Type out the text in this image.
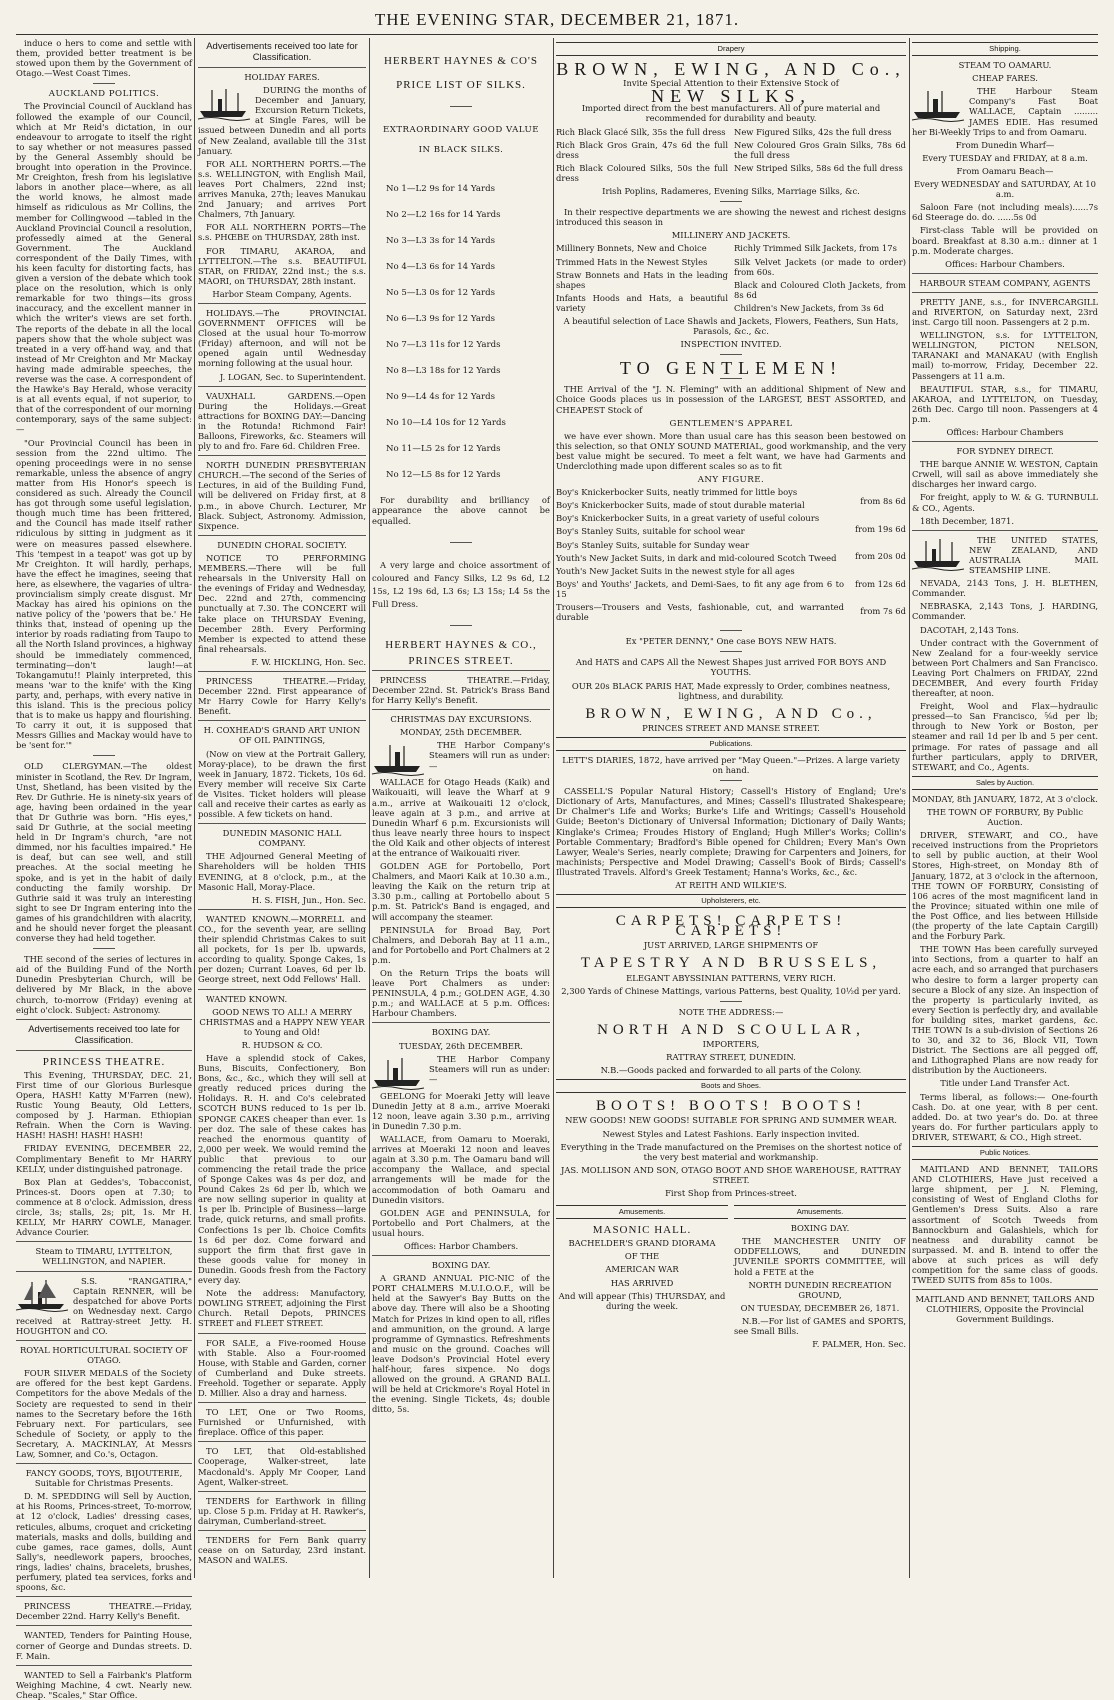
THE EVENING STAR, DECEMBER 21, 1871.

induce o hers to come and settle with them, provided better treatment is be stowed upon them by the Government of Otago.—West Coast Times.

AUCKLAND POLITICS.

The Provincial Council of Auckland has followed the example of our Council, which at Mr Reid's dictation, in our endeavour to arrogate to itself the right to say whether or not measures passed by the General Assembly should be brought into operation in the Province. Mr Creighton, fresh from his legislative labors in another place—where, as all the world knows, he almost made himself as ridiculous as Mr Collins, the member for Collingwood —tabled in the Auckland Provincial Council a resolution, professedly aimed at the General Government. The Auckland correspondent of the Daily Times, with his keen faculty for distorting facts, has given a version of the debate which took place on the resolution, which is only remarkable for two things—its gross inaccuracy, and the excellent manner in which the writer's views are set forth. The reports of the debate in all the local papers show that the whole subject was treated in a very off-hand way, and that instead of Mr Creighton and Mr Mackay having made admirable speeches, the reverse was the case. A correspondent of the Hawke's Bay Herald, whose veracity is at all events equal, if not superior, to that of the correspondent of our morning contemporary, says of the same subject:—

"Our Provincial Council has been in session from the 22nd ultimo. The opening proceedings were in no sense remarkable, unless the absence of angry matter from His Honor's speech is considered as such. Already the Council has got through some useful legislation, though much time has been frittered, and the Council has made itself rather ridiculous by sitting in judgment as it were on measures passed elsewhere. This 'tempest in a teapot' was got up by Mr Creighton. It will hardly, perhaps, have the effect he imagines, seeing that here, as elsewhere, the vagaries of ultra-provincialism simply create disgust. Mr Mackay has aired his opinions on the native policy of the 'powers that be.' He thinks that, instead of opening up the interior by roads radiating from Taupo to all the North Island provinces, a highway should be immediately commenced, terminating—don't laugh!—at Tokangamutu!! Plainly interpreted, this means 'war to the knife' with the King party, and, perhaps, with every native in this island. This is the precious policy that is to make us happy and flourishing. To carry it out, it is supposed that Messrs Gillies and Mackay would have to be 'sent for.'"

OLD CLERGYMAN.—The oldest minister in Scotland, the Rev. Dr Ingram, Unst, Shetland, has been visited by the Rev. Dr Guthrie. He is ninety-six years of age, having been ordained in the year that Dr Guthrie was born. "His eyes," said Dr Guthrie, at the social meeting held in Dr Ingram's church, "are not dimmed, nor his faculties impaired." He is deaf, but can see well, and still preaches. At the social meeting he spoke, and is yet in the habit of daily conducting the family worship. Dr Guthrie said it was truly an interesting sight to see Dr Ingram entering into the games of his grandchildren with alacrity, and he should never forget the pleasant converse they had held together.

THE second of the series of lectures in aid of the Building Fund of the North Dunedin Presbyterian Church, will be delivered by Mr Black, in the above church, to-morrow (Friday) evening at eight o'clock. Subject: Astronomy.

Advertisements received too late for Classification.
PRINCESS THEATRE.

This Evening, THURSDAY, DEC. 21, First time of our Glorious Burlesque Opera, HASH! Katty M'Farren (new), Rustic Young Beauty, Old Letters, composed by J. Harman. Ethiopian Refrain. When the Corn is Waving. HASH! HASH! HASH! HASH!

FRIDAY EVENING, DECEMBER 22, Complimentary Benefit to Mr HARRY KELLY, under distinguished patronage.

Box Plan at Geddes's, Tobacconist, Princes-st. Doors open at 7.30; to commence at 8 o'clock. Admission, dress circle, 3s; stalls, 2s; pit, 1s. Mr H. KELLY, Mr HARRY COWLE, Manager. Advance Courier.

Steam to TIMARU, LYTTELTON, WELLINGTON, and NAPIER.

S.S. "RANGATIRA," Captain RENNER, will be despatched for above Ports on Wednesday next. Cargo received at Rattray-street Jetty. H. HOUGHTON and CO.

ROYAL HORTICULTURAL SOCIETY OF OTAGO.

FOUR SILVER MEDALS of the Society are offered for the best kept Gardens. Competitors for the above Medals of the Society are requested to send in their names to the Secretary before the 16th February next. For particulars, see Schedule of Society, or apply to the Secretary, A. MACKINLAY, At Messrs Law, Somner, and Co.'s, Octagon.

FANCY GOODS, TOYS, BIJOUTERIE, Suitable for Christmas Presents.

D. M. SPEDDING will Sell by Auction, at his Rooms, Princes-street, To-morrow, at 12 o'clock, Ladies' dressing cases, reticules, albums, croquet and cricketing materials, masks and dolls, building and cube games, race games, dolls, Aunt Sally's, needlework papers, brooches, rings, ladies' chains, bracelets, brushes, perfumery, plated tea services, forks and spoons, &c.

PRINCESS THEATRE.—Friday, December 22nd. Harry Kelly's Benefit.

WANTED, Tenders for Painting House, corner of George and Dundas streets. D. F. Main.

WANTED to Sell a Fairbank's Platform Weighing Machine, 4 cwt. Nearly new. Cheap. "Scales," Star Office.

Advertisements received too late for Classification.

HOLIDAY FARES.

DURING the months of December and January, Excursion Return Tickets, at Single Fares, will be issued between Dunedin and all ports of New Zealand, available till the 31st January.

FOR ALL NORTHERN PORTS.—The s.s. WELLINGTON, with English Mail, leaves Port Chalmers, 22nd inst; arrives Manuka, 27th; leaves Manukau 2nd January; and arrives Port Chalmers, 7th January.

FOR ALL NORTHERN PORTS—The s.s. PHŒBE on THURSDAY, 28th inst.

FOR TIMARU, AKAROA, and LYTTELTON.—The s.s. BEAUTIFUL STAR, on FRIDAY, 22nd inst.; the s.s. MAORI, on THURSDAY, 28th instant.

Harbor Steam Company, Agents.

HOLIDAYS.—The PROVINCIAL GOVERNMENT OFFICES will be Closed at the usual hour To-morrow (Friday) afternoon, and will not be opened again until Wednesday morning following at the usual hour.

J. LOGAN, Sec. to Superintendent.

VAUXHALL GARDENS.—Open During the Holidays.—Great attractions for BOXING DAY:—Dancing in the Rotunda! Richmond Fair! Balloons, Fireworks, &c. Steamers will ply to and fro. Fare 6d. Children Free.

NORTH DUNEDIN PRESBYTERIAN CHURCH.—The second of the Series of Lectures, in aid of the Building Fund, will be delivered on Friday first, at 8 p.m., in above Church. Lecturer, Mr Black. Subject, Astronomy. Admission, Sixpence.

DUNEDIN CHORAL SOCIETY.

NOTICE TO PERFORMING MEMBERS.—There will be full rehearsals in the University Hall on the evenings of Friday and Wednesday, Dec. 22nd and 27th, commencing punctually at 7.30. The CONCERT will take place on THURSDAY Evening, December 28th. Every Performing Member is expected to attend these final rehearsals.

F. W. HICKLING, Hon. Sec.

PRINCESS THEATRE.—Friday, December 22nd. First appearance of Mr Harry Cowle for Harry Kelly's Benefit.

H. COXHEAD'S GRAND ART UNION OF OIL PAINTINGS,

(Now on view at the Portrait Gallery, Moray-place), to be drawn the first week in January, 1872. Tickets, 10s 6d. Every member will receive Six Carte de Visites. Ticket holders will please call and receive their cartes as early as possible. A few tickets on hand.

DUNEDIN MASONIC HALL COMPANY.

THE Adjourned General Meeting of Shareholders will be holden THIS EVENING, at 8 o'clock, p.m., at the Masonic Hall, Moray-Place.

H. S. FISH, Jun., Hon. Sec.

WANTED KNOWN.—MORRELL and CO., for the seventh year, are selling their splendid Christmas Cakes to suit all pockets, for 1s per lb. upwards, according to quality. Sponge Cakes, 1s per dozen; Currant Loaves, 6d per lb. George street, next Odd Fellows' Hall.

WANTED KNOWN.

GOOD NEWS TO ALL! A MERRY CHRISTMAS and a HAPPY NEW YEAR to Young and Old!

R. HUDSON & CO.

Have a splendid stock of Cakes, Buns, Biscuits, Confectionery, Bon Bons, &c., &c., which they will sell at greatly reduced prices during the Holidays. R. H. and Co's celebrated SCOTCH BUNS reduced to 1s per lb. SPONGE CAKES cheaper than ever. 1s per doz. The sale of these cakes has reached the enormous quantity of 2,000 per week. We would remind the public that previous to our commencing the retail trade the price of Sponge Cakes was 4s per doz, and Pound Cakes 2s 6d per lb, which we are now selling superior in quality at 1s per lb. Principle of Business—large trade, quick returns, and small profits. Confections 1s per lb. Choice Comfits 1s 6d per doz. Come forward and support the firm that first gave in these goods value for money in Dunedin. Goods fresh from the Factory every day.

Note the address: Manufactory, DOWLING STREET, adjoining the First Church. Retail Depots, PRINCES STREET and FLEET STREET.

FOR SALE, a Five-roomed House with Stable. Also a Four-roomed House, with Stable and Garden, corner of Cumberland and Duke streets. Freehold. Together or separate. Apply D. Millier. Also a dray and harness.

TO LET, One or Two Rooms, Furnished or Unfurnished, with fireplace. Office of this paper.

TO LET, that Old-established Cooperage, Walker-street, late Macdonald's. Apply Mr Cooper, Land Agent, Walker-street.

TENDERS for Earthwork in filling up. Close 5 p.m. Friday at H. Rawker's, dairyman, Cumberland-street.

TENDERS for Fern Bank quarry cease on on Saturday, 23rd instant. MASON and WALES.

HERBERT HAYNES & CO'S
PRICE LIST OF SILKS.
EXTRAORDINARY GOOD VALUE
IN BLACK SILKS.

No 1—L2 9s for 14 Yards

No 2—L2 16s for 14 Yards

No 3—L3 3s for 14 Yards

No 4—L3 6s for 14 Yards

No 5—L3 0s for 12 Yards

No 6—L3 9s for 12 Yards

No 7—L3 11s for 12 Yards

No 8—L3 18s for 12 Yards

No 9—L4 4s for 12 Yards

No 10—L4 10s for 12 Yards

No 11—L5 2s for 12 Yards

No 12—L5 8s for 12 Yards

For durability and brilliancy of appearance the above cannot be equalled.

A very large and choice assortment of coloured and Fancy Silks, L2 9s 6d, L2 15s, L2 19s 6d, L3 6s; L3 15s; L4 5s the Full Dress.

HERBERT HAYNES & CO.,
PRINCES STREET.

PRINCESS THEATRE.—Friday, December 22nd. St. Patrick's Brass Band for Harry Kelly's Benefit.

CHRISTMAS DAY EXCURSIONS.

MONDAY, 25th DECEMBER.

THE Harbor Company's Steamers will run as under:—

WALLACE for Otago Heads (Kaik) and Waikouaiti, will leave the Wharf at 9 a.m., arrive at Waikouaiti 12 o'clock, leave again at 3 p.m., and arrive at Dunedin Wharf 6 p.m. Excursionists will thus leave nearly three hours to inspect the Old Kaik and other objects of interest at the entrance of Waikouaiti river.

GOLDEN AGE for Portobello, Port Chalmers, and Maori Kaik at 10.30 a.m., leaving the Kaik on the return trip at 3.30 p.m., calling at Portobello about 5 p.m. St. Patrick's Band is engaged, and will accompany the steamer.

PENINSULA for Broad Bay, Port Chalmers, and Deborah Bay at 11 a.m., and for Portobello and Port Chalmers at 2 p.m.

On the Return Trips the boats will leave Port Chalmers as under: PENINSULA, 4 p.m.; GOLDEN AGE, 4.30 p.m.; and WALLACE at 5 p.m. Offices: Harbour Chambers.

BOXING DAY.

TUESDAY, 26th DECEMBER.

THE Harbor Company Steamers will run as under:—

GEELONG for Moeraki Jetty will leave Dunedin Jetty at 8 a.m., arrive Moeraki 12 noon, leave again 3.30 p.m., arriving in Dunedin 7.30 p.m.

WALLACE, from Oamaru to Moeraki, arrives at Moeraki 12 noon and leaves again at 3.30 p.m. The Oamaru band will accompany the Wallace, and special arrangements will be made for the accommodation of both Oamaru and Dunedin visitors.

GOLDEN AGE and PENINSULA, for Portobello and Port Chalmers, at the usual hours.

Offices: Harbor Chambers.

BOXING DAY.

A GRAND ANNUAL PIC-NIC of the PORT CHALMERS M.U.I.O.O.F., will be held at the Sawyer's Bay Butts on the above day. There will also be a Shooting Match for Prizes in kind open to all, rifles and ammunition, on the ground. A large programme of Gymnastics. Refreshments and music on the ground. Coaches will leave Dodson's Provincial Hotel every half-hour, fares sixpence. No dogs allowed on the ground. A GRAND BALL will be held at Crickmore's Royal Hotel in the evening. Single Tickets, 4s; double ditto, 5s.

Drapery
BROWN, EWING, AND Co.,

Invite Special Attention to their Extensive Stock of

NEW SILKS,

Imported direct from the best manufacturers. All of pure material and recommended for durability and beauty.

Rich Black Glacé Silk, 35s the full dress

Rich Black Gros Grain, 47s 6d the full dress

Rich Black Coloured Silks, 50s the full dress

New Figured Silks, 42s the full dress

New Coloured Gros Grain Silks, 78s 6d the full dress

New Striped Silks, 58s 6d the full dress

Irish Poplins, Radameres, Evening Silks, Marriage Silks, &c.

In their respective departments we are showing the newest and richest designs introduced this season in

MILLINERY AND JACKETS.

Millinery Bonnets, New and Choice

Trimmed Hats in the Newest Styles

Straw Bonnets and Hats in the leading shapes

Infants Hoods and Hats, a beautiful variety

Richly Trimmed Silk Jackets, from 17s

Silk Velvet Jackets (or made to order) from 60s.

Black and Coloured Cloth Jackets, from 8s 6d

Children's New Jackets, from 3s 6d

A beautiful selection of Lace Shawls and Jackets, Flowers, Feathers, Sun Hats, Parasols, &c., &c.

INSPECTION INVITED.

TO GENTLEMEN!

THE Arrival of the "J. N. Fleming" with an additional Shipment of New and Choice Goods places us in possession of the LARGEST, BEST ASSORTED, and CHEAPEST Stock of

GENTLEMEN'S APPAREL

we have ever shown. More than usual care has this season been bestowed on this selection, so that ONLY SOUND MATERIAL, good workmanship, and the very best value might be secured. To meet a felt want, we have had Garments and Underclothing made upon different scales so as to fit

ANY FIGURE.

Boy's Knickerbocker Suits, neatly trimmed for little boys

Boy's Knickerbocker Suits, made of stout durable material

Boy's Knickerbocker Suits, in a great variety of useful colours

Boy's Stanley Suits, suitable for school wear

Boy's Stanley Suits, suitable for Sunday wear

Youth's New Jacket Suits, in dark and mid-coloured Scotch Tweed

Youth's New Jacket Suits in the newest style for all ages

Boys' and Youths' Jackets, and Demi-Saes, to fit any age from 6 to 15

Trousers—Trousers and Vests, fashionable, cut, and warranted durable

from 8s 6d

from 19s 6d

from 20s 0d

from 12s 6d

from 7s 6d

Ex "PETER DENNY," One case BOYS NEW HATS.

And HATS and CAPS All the Newest Shapes just arrived FOR BOYS AND YOUTHS.

OUR 20s BLACK PARIS HAT, Made expressly to Order, combines neatness, lightness, and durability.

BROWN, EWING, AND Co.,

PRINCES STREET AND MANSE STREET.

Publications.

LETT'S DIARIES, 1872, have arrived per "May Queen."—Prizes. A large variety on hand.

CASSELL'S Popular Natural History; Cassell's History of England; Ure's Dictionary of Arts, Manufactures, and Mines; Cassell's Illustrated Shakespeare; Dr Chalmer's Life and Works; Burke's Life and Writings; Cassell's Household Guide; Beeton's Dictionary of Universal Information; Dictionary of Daily Wants; Kinglake's Crimea; Froudes History of England; Hugh Miller's Works; Collin's Portable Commentary; Bradford's Bible opened for Children; Every Man's Own Lawyer, Weale's Series, nearly complete; Drawing for Carpenters and Joiners, for machinists; Perspective and Model Drawing; Cassell's Book of Birds; Cassell's Illustrated Travels. Alford's Greek Testament; Hanna's Works, &c., &c.

AT REITH AND WILKIE'S.

Upholsterers, etc.
CARPETS! CARPETS! CARPETS!

JUST ARRIVED, LARGE SHIPMENTS OF

TAPESTRY AND BRUSSELS,

ELEGANT ABYSSINIAN PATTERNS, VERY RICH.

2,300 Yards of Chinese Mattings, various Patterns, best Quality, 10½d per yard.

NOTE THE ADDRESS:—

NORTH AND SCOULLAR,

IMPORTERS,

RATTRAY STREET, DUNEDIN.

N.B.—Goods packed and forwarded to all parts of the Colony.

Boots and Shoes.
BOOTS! BOOTS! BOOTS!

NEW GOODS! NEW GOODS! SUITABLE FOR SPRING AND SUMMER WEAR.

Newest Styles and Latest Fashions. Early inspection invited.

Everything in the Trade manufactured on the Premises on the shortest notice of the very best material and workmanship.

JAS. MOLLISON AND SON, OTAGO BOOT AND SHOE WAREHOUSE, RATTRAY STREET.

First Shop from Princes-street.

Amusements.
MASONIC HALL.

BACHELDER'S GRAND DIORAMA

OF THE

AMERICAN WAR

HAS ARRIVED

And will appear (This) THURSDAY, and during the week.

Amusements.

BOXING DAY.

THE MANCHESTER UNITY OF ODDFELLOWS, and DUNEDIN JUVENILE SPORTS COMMITTEE, will hold a FETE at the

NORTH DUNEDIN RECREATION GROUND,

ON TUESDAY, DECEMBER 26, 1871.

N.B.—For list of GAMES and SPORTS, see Small Bills.

F. PALMER, Hon. Sec.

Shipping.

STEAM TO OAMARU.

CHEAP FARES.

THE Harbour Steam Company's Fast Boat WALLACE, Captain ......... JAMES EDIE. Has resumed her Bi-Weekly Trips to and from Oamaru.

From Dunedin Wharf—

Every TUESDAY and FRIDAY, at 8 a.m.

From Oamaru Beach—

Every WEDNESDAY and SATURDAY, At 10 a.m.

Saloon Fare (not including meals)......7s 6d Steerage do. do. ......5s 0d

First-class Table will be provided on board. Breakfast at 8.30 a.m.: dinner at 1 p.m. Moderate charges.

Offices: Harbour Chambers.

HARBOUR STEAM COMPANY, AGENTS

PRETTY JANE, s.s., for INVERCARGILL and RIVERTON, on Saturday next, 23rd inst. Cargo till noon. Passengers at 2 p.m.

WELLINGTON, s.s. for LYTTELTON, WELLINGTON, PICTON NELSON, TARANAKI and MANAKAU (with English mail) to-morrow, Friday, December 22. Passengers at 11 a.m.

BEAUTIFUL STAR, s.s., for TIMARU, AKAROA, and LYTTELTON, on Tuesday, 26th Dec. Cargo till noon. Passengers at 4 p.m.

Offices: Harbour Chambers

FOR SYDNEY DIRECT.

THE barque ANNIE W. WESTON, Captain Crwell, will sail as above immediately she discharges her inward cargo.

For freight, apply to W. & G. TURNBULL & CO., Agents.

18th December, 1871.

THE UNITED STATES, NEW ZEALAND, AND AUSTRALIA MAIL STEAMSHIP LINE.

NEVADA, 2143 Tons, J. H. BLETHEN, Commander.

NEBRASKA, 2,143 Tons, J. HARDING, Commander.

DACOTAH, 2,143 Tons.

Under contract with the Government of New Zealand for a four-weekly service between Port Chalmers and San Francisco. Leaving Port Chalmers on FRIDAY, 22nd DECEMBER, And every fourth Friday thereafter, at noon.

Freight, Wool and Flax—hydraulic pressed—to San Francisco, ⅝d per lb; through to New York or Boston, per steamer and rail 1d per lb and 5 per cent. primage. For rates of passage and all further particulars, apply to DRIVER, STEWART, and Co., Agents.

Sales by Auction.

MONDAY, 8th JANUARY, 1872, At 3 o'clock.

THE TOWN OF FORBURY, By Public Auction.

DRIVER, STEWART, and CO., have received instructions from the Proprietors to sell by public auction, at their Wool Stores, High-street, on Monday 8th of January, 1872, at 3 o'clock in the afternoon, THE TOWN OF FORBURY, Consisting of 106 acres of the most magnificent land in the Province; situated within one mile of the Post Office, and lies between Hillside (the property of the late Captain Cargill) and the Forbury Park.

THE TOWN Has been carefully surveyed into Sections, from a quarter to half an acre each, and so arranged that purchasers who desire to form a larger property can secure a Block of any size. An inspection of the property is particularly invited, as every Section is perfectly dry, and available for building sites, market gardens, &c. THE TOWN Is a sub-division of Sections 26 to 30, and 32 to 36, Block VII, Town District. The Sections are all pegged off, and Lithographed Plans are now ready for distribution by the Auctioneers.

Title under Land Transfer Act.

Terms liberal, as follows:— One-fourth Cash. Do. at one year, with 8 per cent. added. Do. at two year's do. Do. at three years do. For further particulars apply to DRIVER, STEWART, & CO., High street.

Public Notices.

MAITLAND AND BENNET, TAILORS AND CLOTHIERS, Have just received a large shipment, per J. N. Fleming, consisting of West of England Cloths for Gentlemen's Dress Suits. Also a rare assortment of Scotch Tweeds from Bannockburn and Galashiels, which for neatness and durability cannot be surpassed. M. and B. intend to offer the above at such prices as will defy competition for the same class of goods. TWEED SUITS from 85s to 100s.

MAITLAND AND BENNET, TAILORS AND CLOTHIERS, Opposite the Provincial Government Buildings.
